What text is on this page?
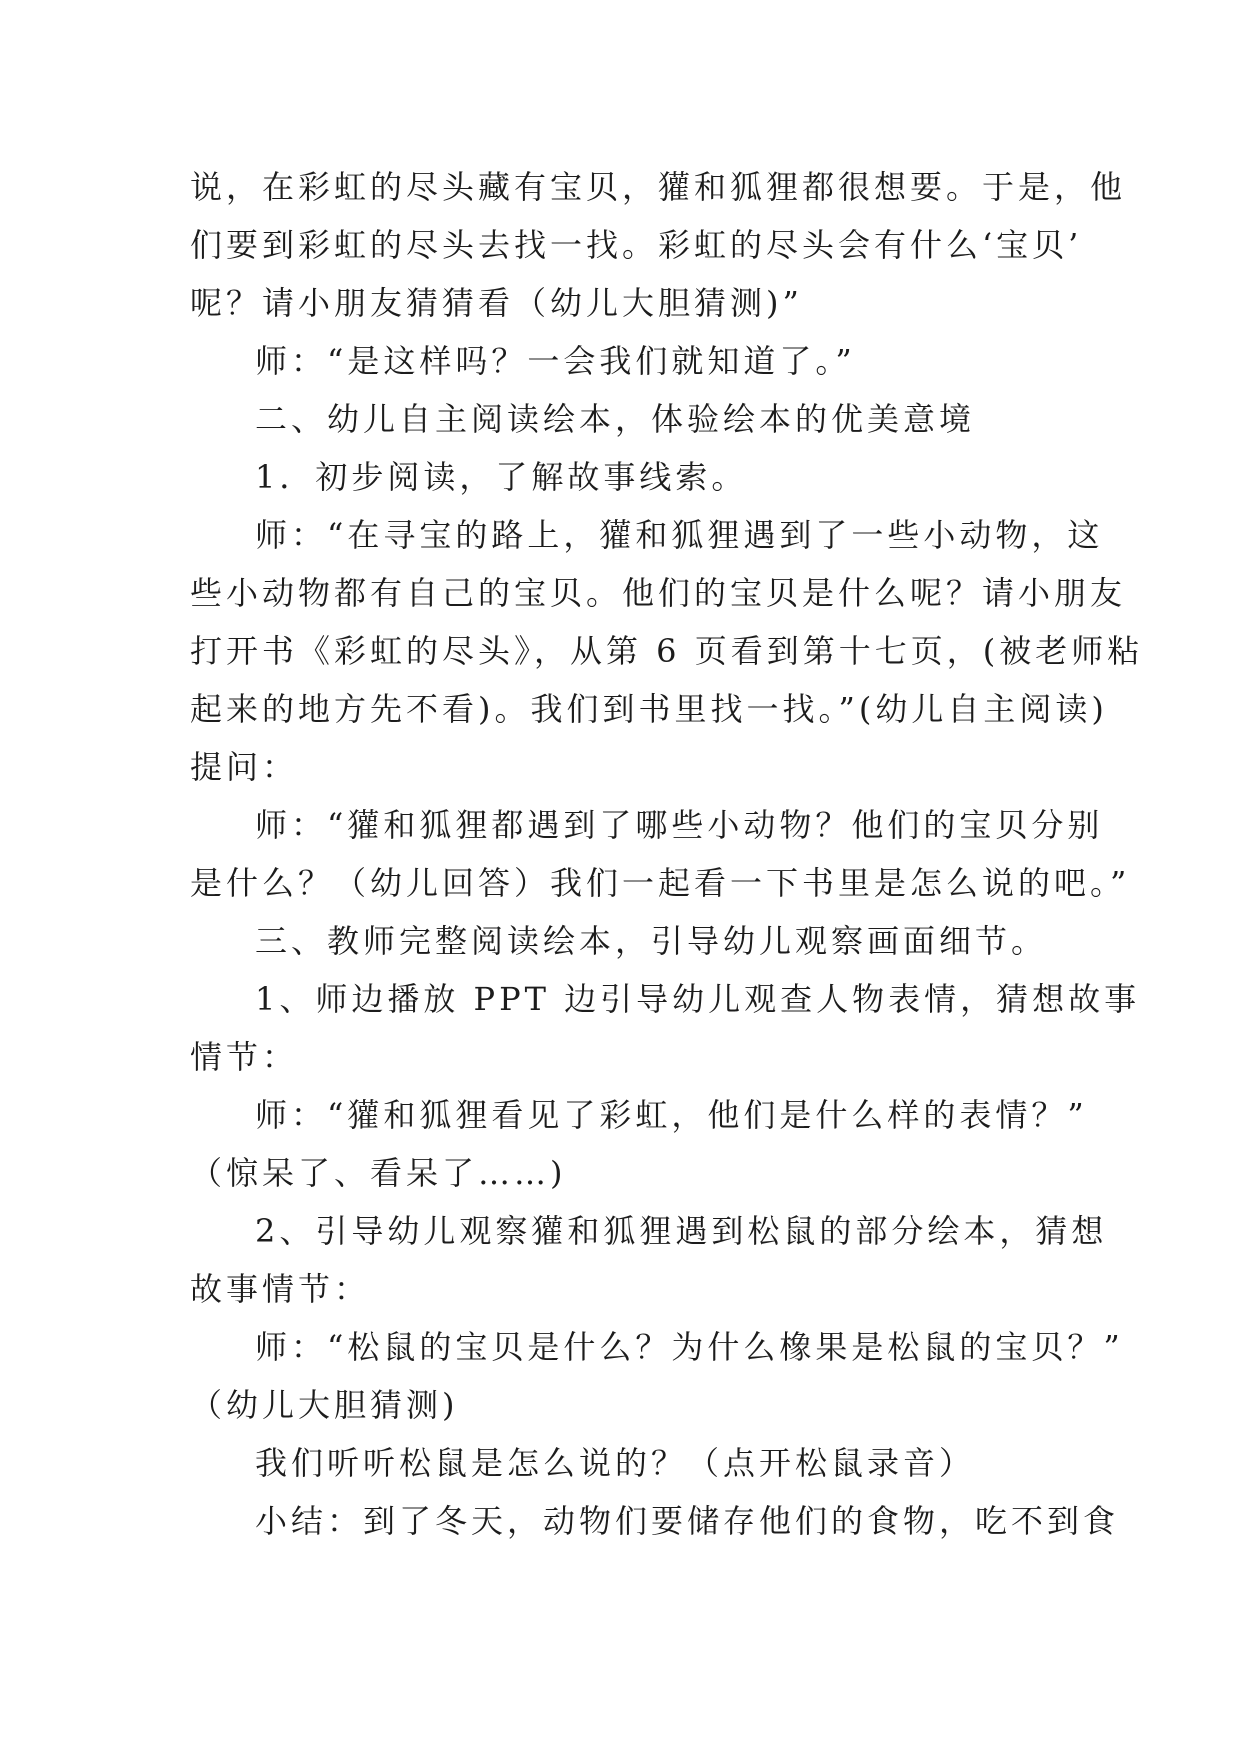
说，在彩虹的尽头藏有宝贝，獾和狐狸都很想要。于是，他
们要到彩虹的尽头去找一找。彩虹的尽头会有什么‘宝贝’
呢？请小朋友猜猜看（幼儿大胆猜测)”
师：“是这样吗？一会我们就知道了。”
二、幼儿自主阅读绘本，体验绘本的优美意境
1．初步阅读，了解故事线索。
师：“在寻宝的路上，獾和狐狸遇到了一些小动物，这
些小动物都有自己的宝贝。他们的宝贝是什么呢？请小朋友
打开书《彩虹的尽头》，从第 6 页看到第十七页，(被老师粘
起来的地方先不看)。我们到书里找一找。”(幼儿自主阅读)
提问：
师：“獾和狐狸都遇到了哪些小动物？他们的宝贝分别
是什么？（幼儿回答）我们一起看一下书里是怎么说的吧。”
三、教师完整阅读绘本，引导幼儿观察画面细节。
1、师边播放 PPT 边引导幼儿观查人物表情，猜想故事
情节：
师：“獾和狐狸看见了彩虹，他们是什么样的表情？”
（惊呆了、看呆了……)
2、引导幼儿观察獾和狐狸遇到松鼠的部分绘本，猜想
故事情节：
师：“松鼠的宝贝是什么？为什么橡果是松鼠的宝贝？”
（幼儿大胆猜测)
我们听听松鼠是怎么说的？（点开松鼠录音）
小结：到了冬天，动物们要储存他们的食物，吃不到食
